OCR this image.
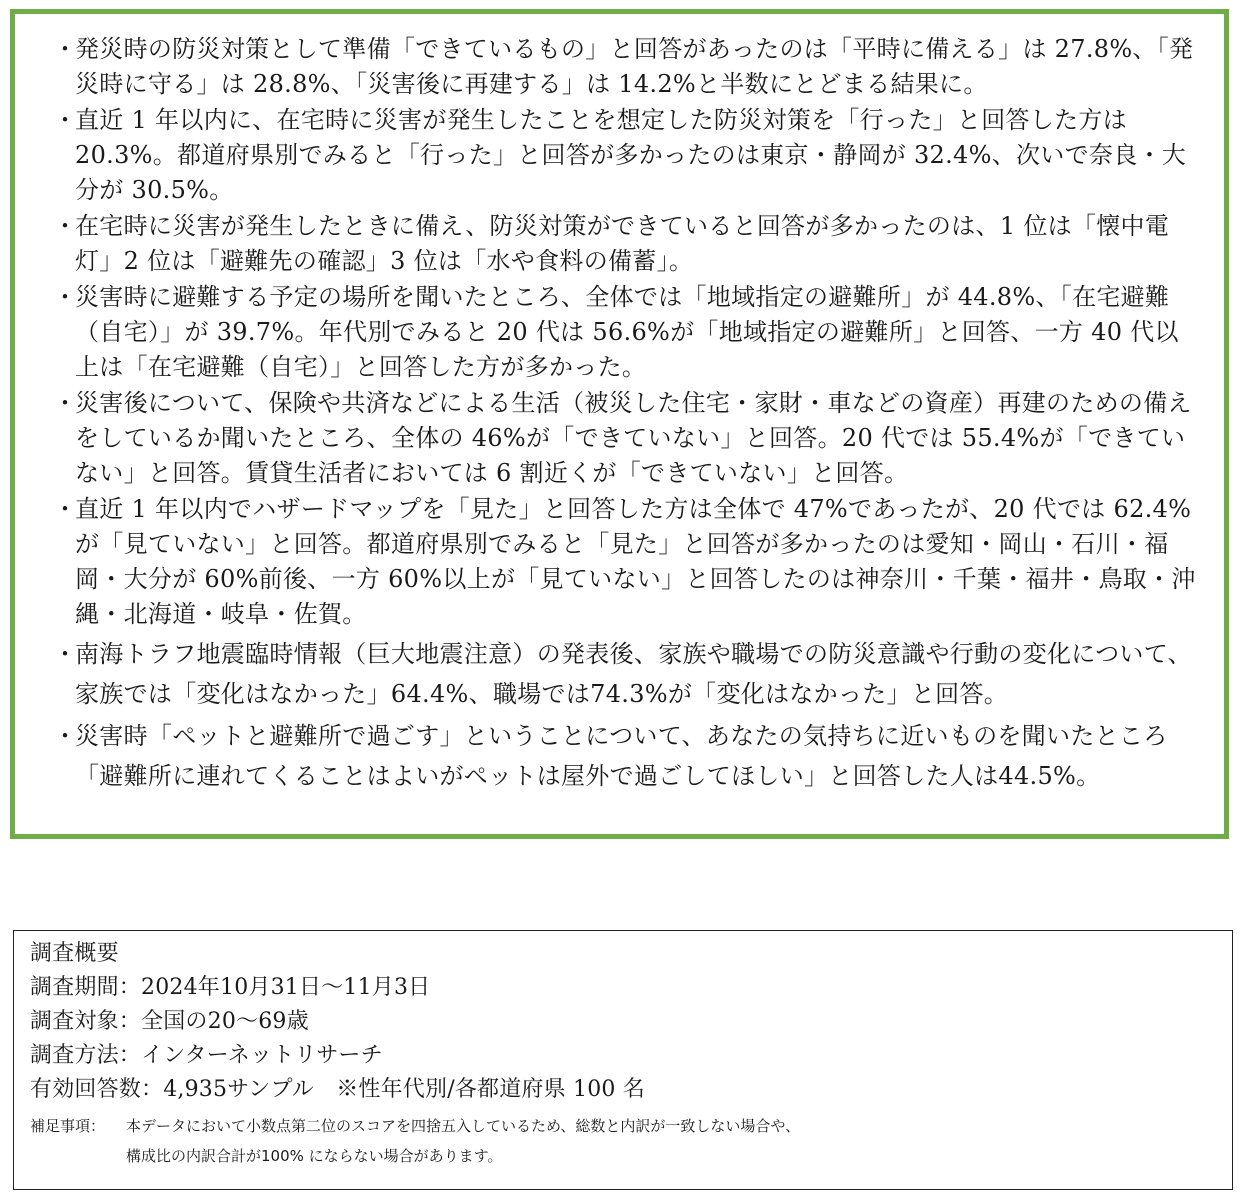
・
発災時の防災対策として準備「できているもの」と回答があったのは「平時に備える」は 27.8%、「発災時に守る」は 28.8%、「災害後に再建する」は 14.2%と半数にとどまる結果に。
・
直近 1 年以内に、在宅時に災害が発生したことを想定した防災対策を「行った」と回答した方は 20.3%。都道府県別でみると「行った」と回答が多かったのは東京・静岡が 32.4%、次いで奈良・大分が 30.5%。
・
在宅時に災害が発生したときに備え、防災対策ができていると回答が多かったのは、1 位は「懐中電灯」2 位は「避難先の確認」3 位は「水や食料の備蓄」。
・
災害時に避難する予定の場所を聞いたところ、全体では「地域指定の避難所」が 44.8%、「在宅避難（自宅）」が 39.7%。年代別でみると 20 代は 56.6%が「地域指定の避難所」と回答、一方 40 代以上は「在宅避難（自宅）」と回答した方が多かった。
・
災害後について、保険や共済などによる生活（被災した住宅・家財・車などの資産）再建のための備えをしているか聞いたところ、全体の 46%が「できていない」と回答。20 代では 55.4%が「できていない」と回答。賃貸生活者においては 6 割近くが「できていない」と回答。
・
直近 1 年以内でハザードマップを「見た」と回答した方は全体で 47%であったが、20 代では 62.4%が「見ていない」と回答。都道府県別でみると「見た」と回答が多かったのは愛知・岡山・石川・福岡・大分が 60%前後、一方 60%以上が「見ていない」と回答したのは神奈川・千葉・福井・鳥取・沖縄・北海道・岐阜・佐賀。
・
南海トラフ地震臨時情報（巨大地震注意）の発表後、家族や職場での防災意識や行動の変化について、家族では「変化はなかった」64.4%、職場では74.3%が「変化はなかった」と回答。
・
災害時「ペットと避難所で過ごす」ということについて、あなたの気持ちに近いものを聞いたところ「避難所に連れてくることはよいがペットは屋外で過ごしてほしい」と回答した人は44.5%。
調査概要
調査期間：2024年10月31日～11月3日
調査対象：全国の20～69歳
調査方法：インターネットリサーチ
有効回答数：4,935サンプル　※性年代別/各都道府県 100 名
補足事項： 本データにおいて小数点第二位のスコアを四捨五入しているため、総数と内訳が一致しない場合や、
構成比の内訳合計が100% にならない場合があります。
